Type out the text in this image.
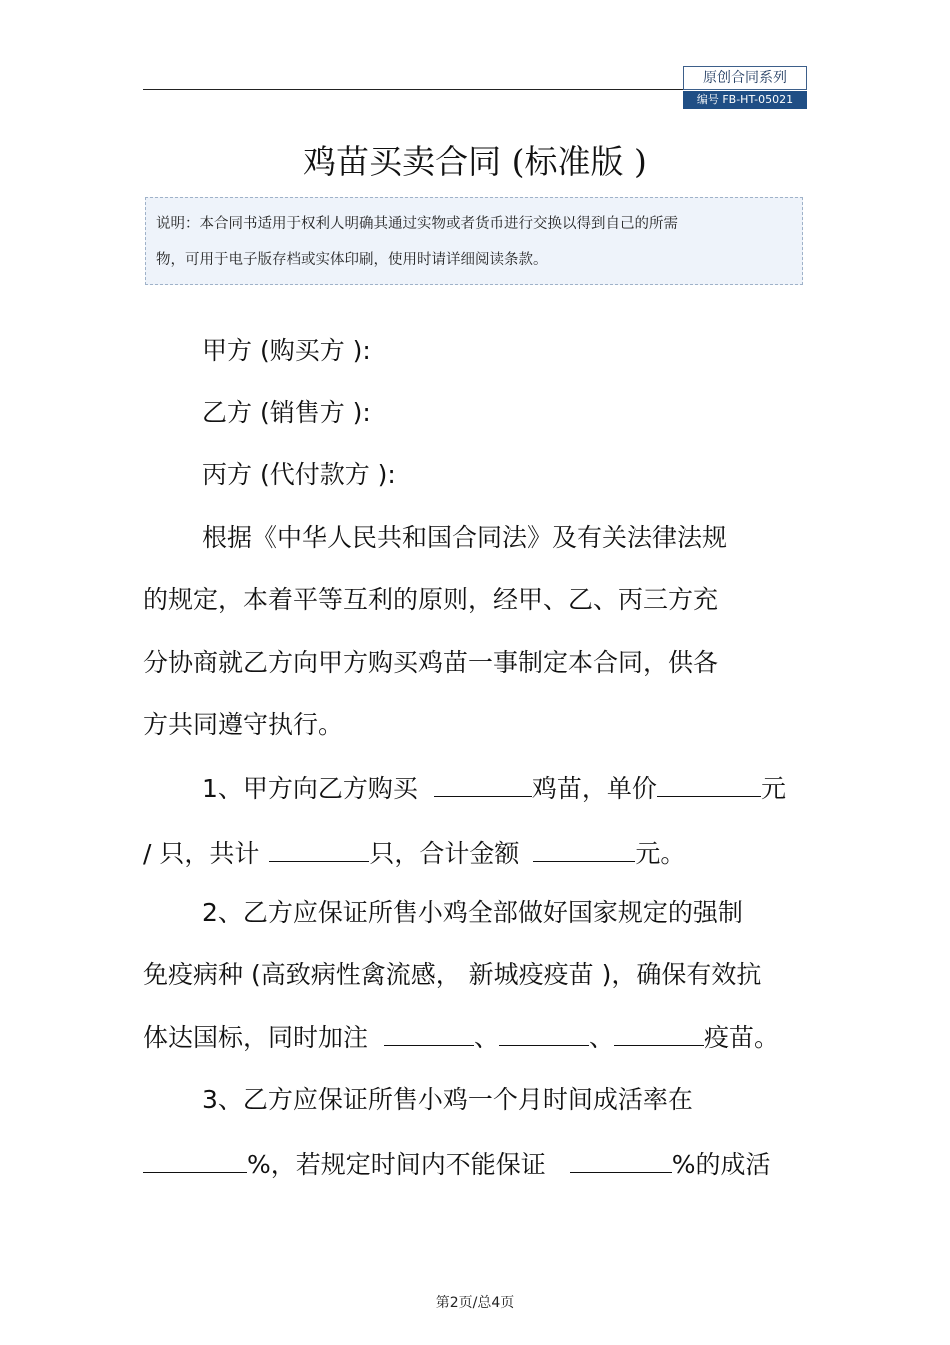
原创合同系列
编号 FB-HT-05021
鸡苗买卖合同 (标准版 )
说明：本合同书适用于权利人明确其通过实物或者货币进行交换以得到自己的所需
物，可用于电子版存档或实体印刷，使用时请详细阅读条款。
甲方 (购买方 ):
乙方 (销售方 ):
丙方 (代付款方 ):
根据《中华人民共和国合同法》及有关法律法规
的规定，本着平等互利的原则，经甲、乙、丙三方充
分协商就乙方向甲方购买鸡苗一事制定本合同，供各
方共同遵守执行。
1、甲方向乙方购买	鸡苗，单价	元
/ 只，共计	只，合计金额	元。
2、乙方应保证所售小鸡全部做好国家规定的强制
免疫病种 (高致病性禽流感， 新城疫疫苗 )，确保有效抗
体达国标，同时加注	、	、	疫苗。
3、乙方应保证所售小鸡一个月时间成活率在
%，若规定时间内不能保证	%的成活
第2页/总4页
